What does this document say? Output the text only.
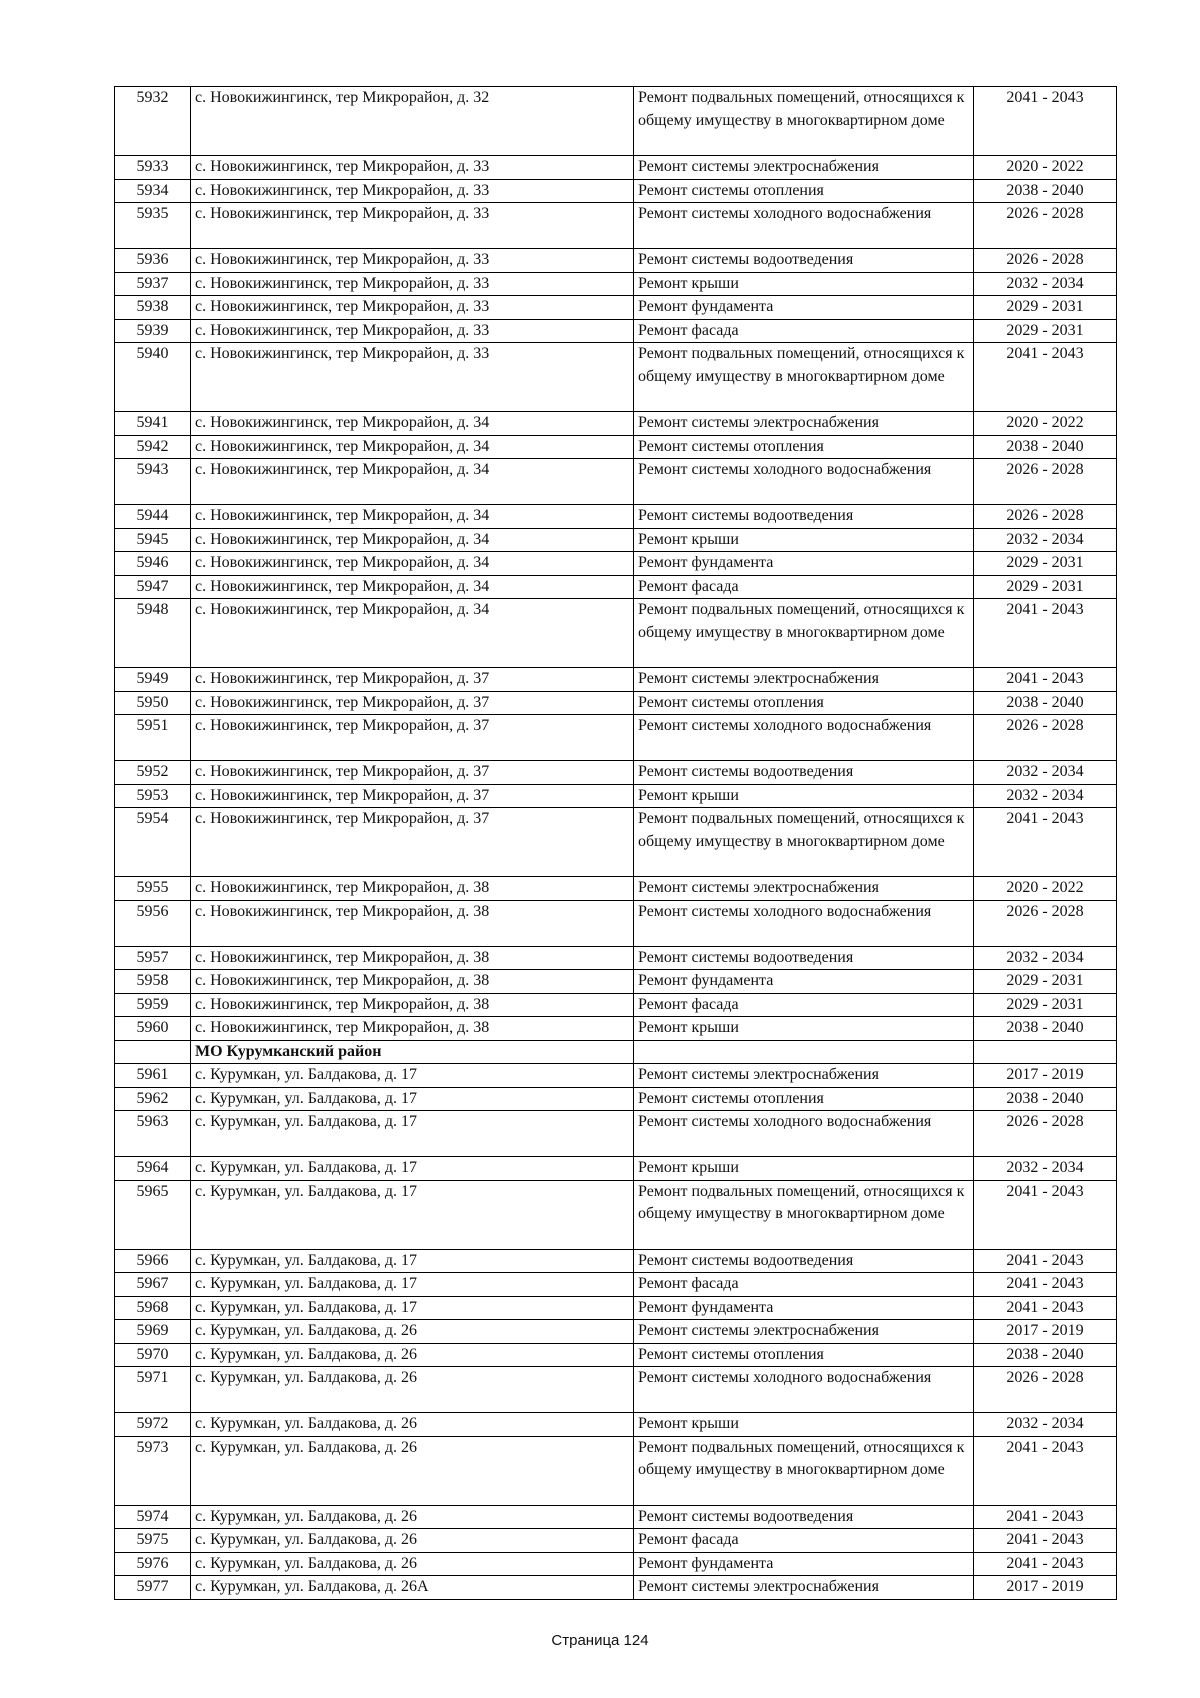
5932	с. Новокижингинск, тер Микрорайон, д. 32	Ремонт подвальных помещений, относящихся к общему имуществу в многоквартирном доме	2041 - 2043
5933	с. Новокижингинск, тер Микрорайон, д. 33	Ремонт системы электроснабжения	2020 - 2022
5934	с. Новокижингинск, тер Микрорайон, д. 33	Ремонт системы отопления	2038 - 2040
5935	с. Новокижингинск, тер Микрорайон, д. 33	Ремонт системы холодного водоснабжения	2026 - 2028
5936	с. Новокижингинск, тер Микрорайон, д. 33	Ремонт системы водоотведения	2026 - 2028
5937	с. Новокижингинск, тер Микрорайон, д. 33	Ремонт крыши	2032 - 2034
5938	с. Новокижингинск, тер Микрорайон, д. 33	Ремонт фундамента	2029 - 2031
5939	с. Новокижингинск, тер Микрорайон, д. 33	Ремонт фасада	2029 - 2031
5940	с. Новокижингинск, тер Микрорайон, д. 33	Ремонт подвальных помещений, относящихся к общему имуществу в многоквартирном доме	2041 - 2043
5941	с. Новокижингинск, тер Микрорайон, д. 34	Ремонт системы электроснабжения	2020 - 2022
5942	с. Новокижингинск, тер Микрорайон, д. 34	Ремонт системы отопления	2038 - 2040
5943	с. Новокижингинск, тер Микрорайон, д. 34	Ремонт системы холодного водоснабжения	2026 - 2028
5944	с. Новокижингинск, тер Микрорайон, д. 34	Ремонт системы водоотведения	2026 - 2028
5945	с. Новокижингинск, тер Микрорайон, д. 34	Ремонт крыши	2032 - 2034
5946	с. Новокижингинск, тер Микрорайон, д. 34	Ремонт фундамента	2029 - 2031
5947	с. Новокижингинск, тер Микрорайон, д. 34	Ремонт фасада	2029 - 2031
5948	с. Новокижингинск, тер Микрорайон, д. 34	Ремонт подвальных помещений, относящихся к общему имуществу в многоквартирном доме	2041 - 2043
5949	с. Новокижингинск, тер Микрорайон, д. 37	Ремонт системы электроснабжения	2041 - 2043
5950	с. Новокижингинск, тер Микрорайон, д. 37	Ремонт системы отопления	2038 - 2040
5951	с. Новокижингинск, тер Микрорайон, д. 37	Ремонт системы холодного водоснабжения	2026 - 2028
5952	с. Новокижингинск, тер Микрорайон, д. 37	Ремонт системы водоотведения	2032 - 2034
5953	с. Новокижингинск, тер Микрорайон, д. 37	Ремонт крыши	2032 - 2034
5954	с. Новокижингинск, тер Микрорайон, д. 37	Ремонт подвальных помещений, относящихся к общему имуществу в многоквартирном доме	2041 - 2043
5955	с. Новокижингинск, тер Микрорайон, д. 38	Ремонт системы электроснабжения	2020 - 2022
5956	с. Новокижингинск, тер Микрорайон, д. 38	Ремонт системы холодного водоснабжения	2026 - 2028
5957	с. Новокижингинск, тер Микрорайон, д. 38	Ремонт системы водоотведения	2032 - 2034
5958	с. Новокижингинск, тер Микрорайон, д. 38	Ремонт фундамента	2029 - 2031
5959	с. Новокижингинск, тер Микрорайон, д. 38	Ремонт фасада	2029 - 2031
5960	с. Новокижингинск, тер Микрорайон, д. 38	Ремонт крыши	2038 - 2040
	МО Курумканский район		
5961	с. Курумкан, ул. Балдакова, д. 17	Ремонт системы электроснабжения	2017 - 2019
5962	с. Курумкан, ул. Балдакова, д. 17	Ремонт системы отопления	2038 - 2040
5963	с. Курумкан, ул. Балдакова, д. 17	Ремонт системы холодного водоснабжения	2026 - 2028
5964	с. Курумкан, ул. Балдакова, д. 17	Ремонт крыши	2032 - 2034
5965	с. Курумкан, ул. Балдакова, д. 17	Ремонт подвальных помещений, относящихся к общему имуществу в многоквартирном доме	2041 - 2043
5966	с. Курумкан, ул. Балдакова, д. 17	Ремонт системы водоотведения	2041 - 2043
5967	с. Курумкан, ул. Балдакова, д. 17	Ремонт фасада	2041 - 2043
5968	с. Курумкан, ул. Балдакова, д. 17	Ремонт фундамента	2041 - 2043
5969	с. Курумкан, ул. Балдакова, д. 26	Ремонт системы электроснабжения	2017 - 2019
5970	с. Курумкан, ул. Балдакова, д. 26	Ремонт системы отопления	2038 - 2040
5971	с. Курумкан, ул. Балдакова, д. 26	Ремонт системы холодного водоснабжения	2026 - 2028
5972	с. Курумкан, ул. Балдакова, д. 26	Ремонт крыши	2032 - 2034
5973	с. Курумкан, ул. Балдакова, д. 26	Ремонт подвальных помещений, относящихся к общему имуществу в многоквартирном доме	2041 - 2043
5974	с. Курумкан, ул. Балдакова, д. 26	Ремонт системы водоотведения	2041 - 2043
5975	с. Курумкан, ул. Балдакова, д. 26	Ремонт фасада	2041 - 2043
5976	с. Курумкан, ул. Балдакова, д. 26	Ремонт фундамента	2041 - 2043
5977	с. Курумкан, ул. Балдакова, д. 26А	Ремонт системы электроснабжения	2017 - 2019
Страница 124
